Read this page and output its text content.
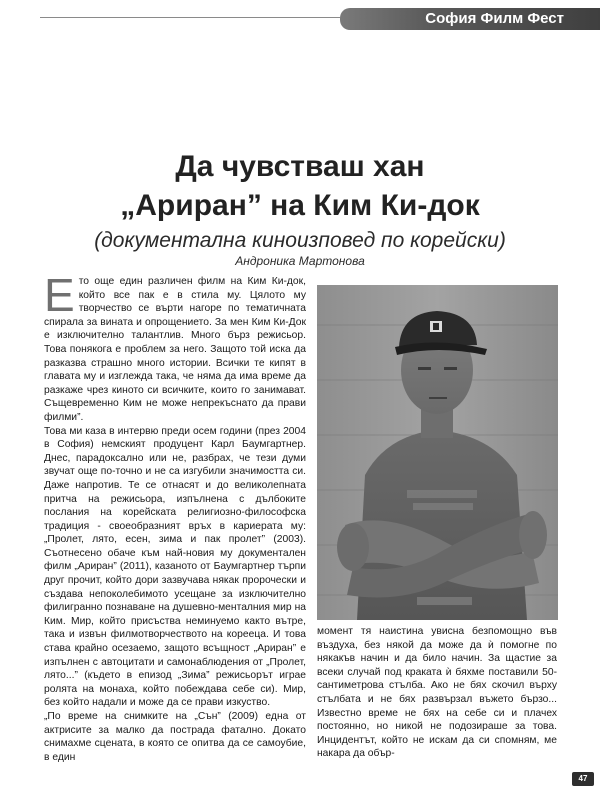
София Филм Фест
Да чувстваш хан
„Ариран” на Ким Ки-док
(документална киноизповед по корейски)
Андроника Мартонова

Ето още един различен филм на Ким Ки-док, който все пак е в стила му. Цялото му творчество се върти нагоре по тематичната спирала за вината и опрощението. За мен Ким Ки-Док е изключително талантлив. Много бърз режисьор. Това понякога е проблем за него. Защото той иска да разказва страшно много истории. Всички те кипят в главата му и изглежда така, че няма да има време да разкаже чрез киното си всичките, които го занимават. Същевременно Ким не може непрекъснато да прави филми”.

Това ми каза в интервю преди осем години (през 2004 в София) немският продуцент Карл Баумгартнер. Днес, парадоксално или не, разбрах, че тези думи звучат още по-точно и не са изгубили значимостта си. Даже напротив. Те се отнасят и до великолепната притча на режисьора, изпълнена с дълбоките послания на корейската религиозно-философска традиция - своеобразният връх в кариерата му: „Пролет, лято, есен, зима и пак пролет” (2003). Съотнесено обаче към най-новия му документален филм „Ариран” (2011), казаното от Баумгартнер търпи друг прочит, който дори зазвучава някак пророчески и създава непоколебимото усещане за изключително филигранно познаване на душевно-менталния мир на Ким. Мир, който присъства неминуемо както вътре, така и извън филмотворчеството на корееца. И това става крайно осезаемо, защото всъщност „Ариран” е изпълнен с автоцитати и самонаблюдения от „Пролет, лято...” (където в епизод „Зима” режисьорът играе ролята на монаха, който побеждава себе си). Мир, без който надали и може да се прави изкуство.

„По време на снимките на „Сън” (2009) една от актрисите за малко да пострада фатално. Докато снимахме сцената, в която се опитва да се самоубие, в един

момент тя наистина увисна безпомощно във въздуха, без някой да може да ѝ помогне по някакъв начин и да било начин. За щастие за всеки случай под краката ѝ бяхме поставили 50-сантиметрова стълба. Ако не бях скочил върху стълбата и не бях развързал въжето бързо... Известно време не бях на себе си и плачех постоянно, но никой не подозираше за това. Инцидентът, който не искам да си спомням, ме накара да обър-

47
